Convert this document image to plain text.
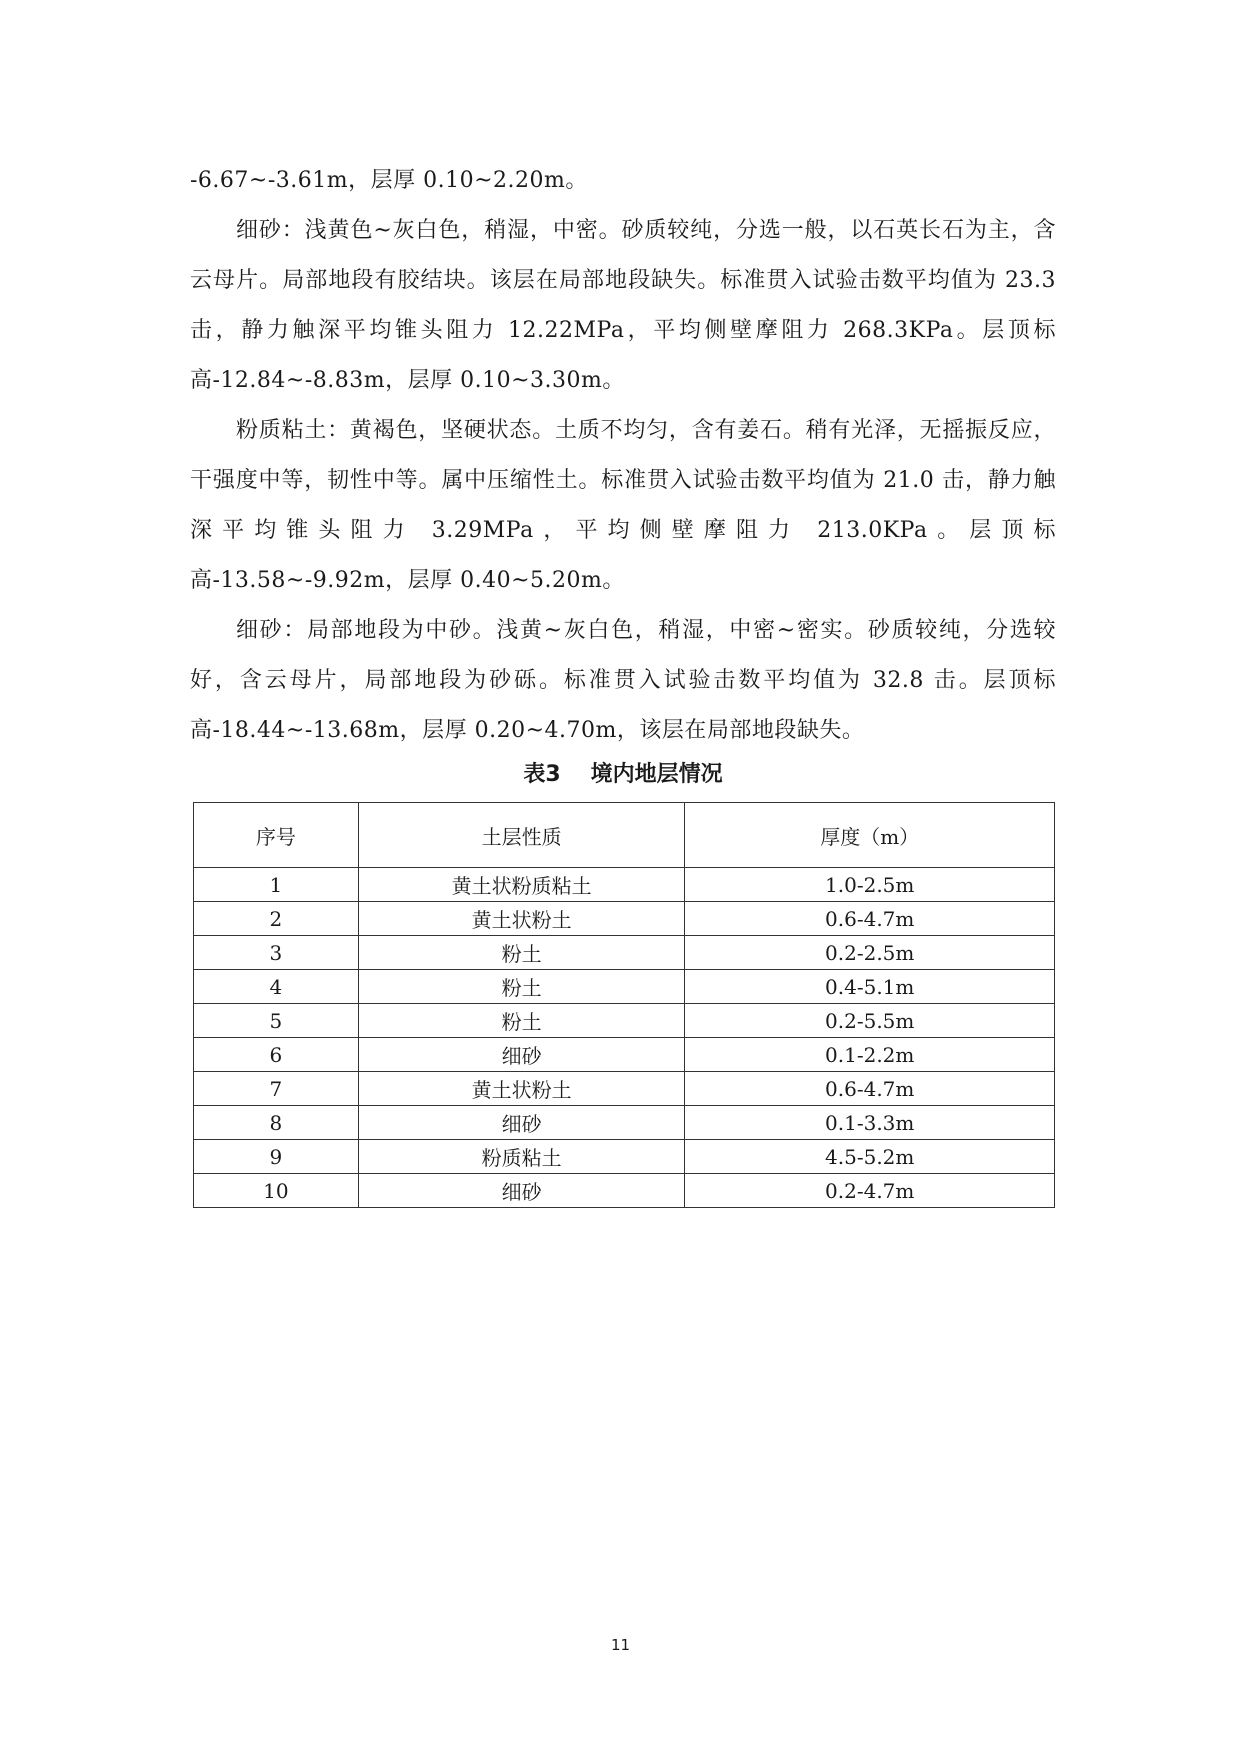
-6.67~-3.61m，层厚 0.10~2.20m。

细砂：浅黄色~灰白色，稍湿，中密。砂质较纯，分选一般，以石英长石为主，含云母片。局部地段有胶结块。该层在局部地段缺失。标准贯入试验击数平均值为 23.3 击，静力触深平均锥头阻力 12.22MPa，平均侧壁摩阻力 268.3KPa。层顶标高-12.84~-8.83m，层厚 0.10~3.30m。

粉质粘土：黄褐色，坚硬状态。土质不均匀，含有姜石。稍有光泽，无摇振反应，干强度中等，韧性中等。属中压缩性土。标准贯入试验击数平均值为 21.0 击，静力触深平均锥头阻力 3.29MPa，平均侧壁摩阻力 213.0KPa。层顶标高-13.58~-9.92m，层厚 0.40~5.20m。

细砂：局部地段为中砂。浅黄~灰白色，稍湿，中密~密实。砂质较纯，分选较好，含云母片，局部地段为砂砾。标准贯入试验击数平均值为 32.8 击。层顶标高-18.44~-13.68m，层厚 0.20~4.70m，该层在局部地段缺失。

表3 境内地层情况
序号	土层性质	厚度（m）
1	黄土状粉质粘土	1.0-2.5m
2	黄土状粉土	0.6-4.7m
3	粉土	0.2-2.5m
4	粉土	0.4-5.1m
5	粉土	0.2-5.5m
6	细砂	0.1-2.2m
7	黄土状粉土	0.6-4.7m
8	细砂	0.1-3.3m
9	粉质粘土	4.5-5.2m
10	细砂	0.2-4.7m
11
